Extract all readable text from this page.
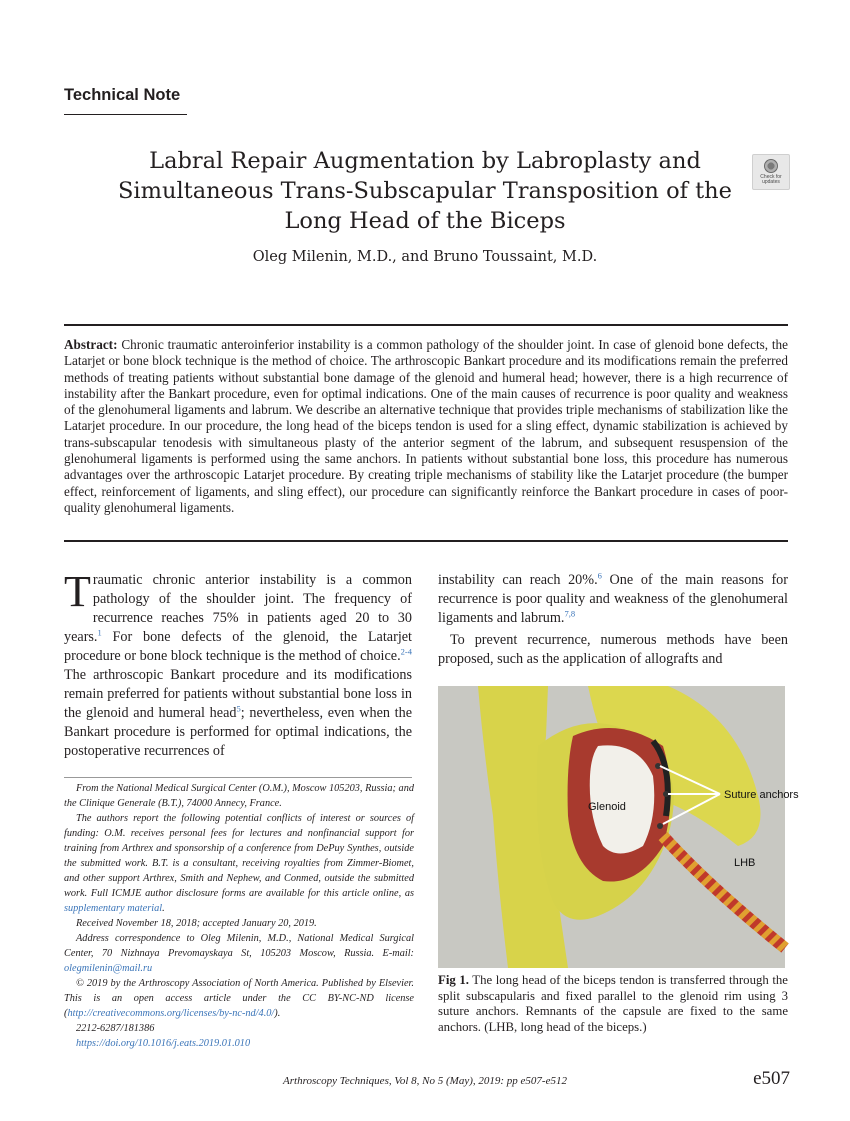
Technical Note
Labral Repair Augmentation by Labroplasty and Simultaneous Trans-Subscapular Transposition of the Long Head of the Biceps
Check for
updates
Oleg Milenin, M.D., and Bruno Toussaint, M.D.
Abstract: Chronic traumatic anteroinferior instability is a common pathology of the shoulder joint. In case of glenoid bone defects, the Latarjet or bone block technique is the method of choice. The arthroscopic Bankart procedure and its modifications remain the preferred methods of treating patients without substantial bone damage of the glenoid and humeral head; however, there is a high recurrence of instability after the Bankart procedure, even for optimal indications. One of the main causes of recurrence is poor quality and weakness of the glenohumeral ligaments and labrum. We describe an alternative technique that provides triple mechanisms of stabilization like the Latarjet procedure. In our procedure, the long head of the biceps tendon is used for a sling effect, dynamic stabilization is achieved by trans-subscapular tenodesis with simultaneous plasty of the anterior segment of the labrum, and subsequent resuspension of the glenohumeral ligaments is performed using the same anchors. In patients without substantial bone loss, this procedure has numerous advantages over the arthroscopic Latarjet procedure. By creating triple mechanisms of stability like the Latarjet procedure (the bumper effect, reinforcement of ligaments, and sling effect), our procedure can significantly reinforce the Bankart procedure in cases of poor-quality glenohumeral ligaments.
Traumatic chronic anterior instability is a common pathology of the shoulder joint. The frequency of recurrence reaches 75% in patients aged 20 to 30 years.$^1$ For bone defects of the glenoid, the Latarjet procedure or bone block technique is the method of choice.$^{2-4}$ The arthroscopic Bankart procedure and its modifications remain preferred for patients without substantial bone loss in the glenoid and humeral head$^5$; nevertheless, even when the Bankart procedure is performed for optimal indications, the postoperative recurrences of

instability can reach 20%.$^6$ One of the main reasons for recurrence is poor quality and weakness of the glenohumeral ligaments and labrum.$^{7,8}$

To prevent recurrence, numerous methods have been proposed, such as the application of allografts and

Suture anchors
Glenoid
LHB
Fig 1. The long head of the biceps tendon is transferred through the split subscapularis and fixed parallel to the glenoid rim using 3 suture anchors. Remnants of the capsule are fixed to the same anchors. (LHB, long head of the biceps.)

From the National Medical Surgical Center (O.M.), Moscow 105203, Russia; and the Clinique Generale (B.T.), 74000 Annecy, France.

The authors report the following potential conflicts of interest or sources of funding: O.M. receives personal fees for lectures and nonfinancial support for training from Arthrex and sponsorship of a conference from DePuy Synthes, outside the submitted work. B.T. is a consultant, receiving royalties from Zimmer-Biomet, and other support Arthrex, Smith and Nephew, and Conmed, outside the submitted work. Full ICMJE author disclosure forms are available for this article online, as supplementary material.

Received November 18, 2018; accepted January 20, 2019.

Address correspondence to Oleg Milenin, M.D., National Medical Surgical Center, 70 Nizhnaya Prevomayskaya St, 105203 Moscow, Russia. E-mail: olegmilenin@mail.ru

© 2019 by the Arthroscopy Association of North America. Published by Elsevier. This is an open access article under the CC BY-NC-ND license (http://creativecommons.org/licenses/by-nc-nd/4.0/).

2212-6287/181386

https://doi.org/10.1016/j.eats.2019.01.010

Arthroscopy Techniques, Vol 8, No 5 (May), 2019: pp e507-e512	e507
